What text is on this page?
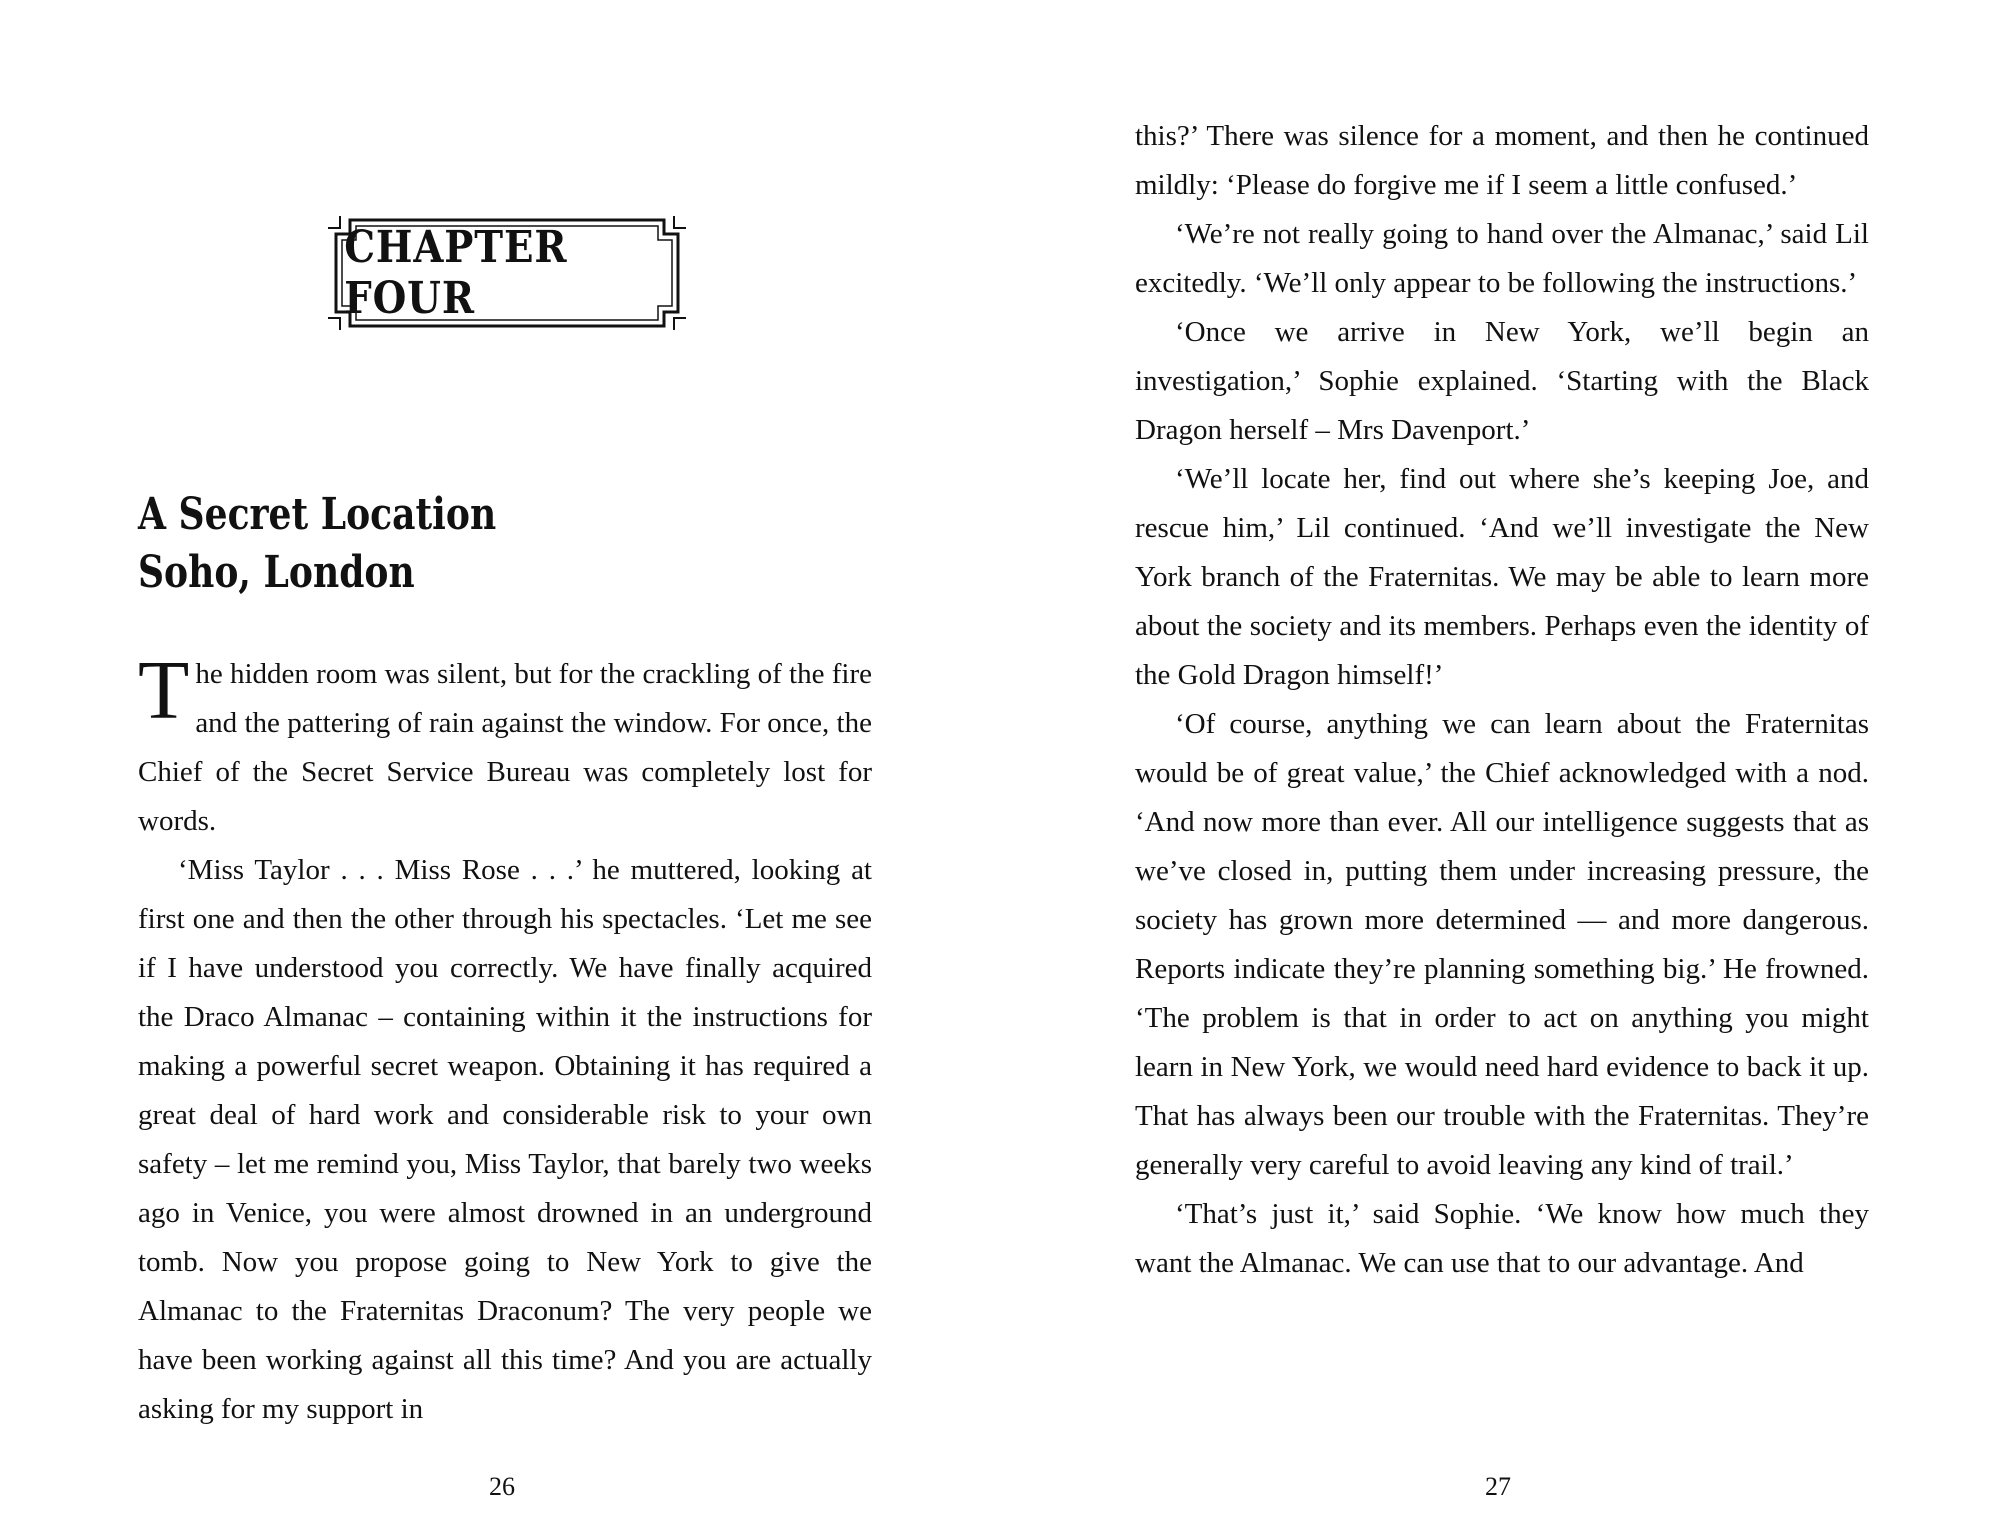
CHAPTER FOUR
A Secret Location
Soho, London

The hidden room was silent, but for the crackling of the fire and the pattering of rain against the window. For once, the Chief of the Secret Service Bureau was completely lost for words.

‘Miss Taylor . . . Miss Rose . . .’ he muttered, looking at first one and then the other through his spectacles. ‘Let me see if I have understood you correctly. We have finally acquired the Draco Almanac – containing within it the instructions for making a powerful secret weapon. Obtaining it has required a great deal of hard work and considerable risk to your own safety – let me remind you, Miss Taylor, that barely two weeks ago in Venice, you were almost drowned in an underground tomb. Now you propose going to New York to give the Almanac to the Fraternitas Draconum? The very people we have been working against all this time? And you are actually asking for my support in

26

this?’ There was silence for a moment, and then he continued mildly: ‘Please do forgive me if I seem a little confused.’

‘We’re not really going to hand over the Almanac,’ said Lil excitedly. ‘We’ll only appear to be following the instructions.’

‘Once we arrive in New York, we’ll begin an investigation,’ Sophie explained. ‘Starting with the Black Dragon herself – Mrs Davenport.’

‘We’ll locate her, find out where she’s keeping Joe, and rescue him,’ Lil continued. ‘And we’ll investigate the New York branch of the Fraternitas. We may be able to learn more about the society and its members. Perhaps even the identity of the Gold Dragon himself!’

‘Of course, anything we can learn about the Fraternitas would be of great value,’ the Chief acknowledged with a nod. ‘And now more than ever. All our intelligence suggests that as we’ve closed in, putting them under increasing pressure, the society has grown more determined — and more dangerous. Reports indicate they’re planning something big.’ He frowned. ‘The problem is that in order to act on anything you might learn in New York, we would need hard evidence to back it up. That has always been our trouble with the Fraternitas. They’re generally very careful to avoid leaving any kind of trail.’

‘That’s just it,’ said Sophie. ‘We know how much they want the Almanac. We can use that to our advantage. And

27
